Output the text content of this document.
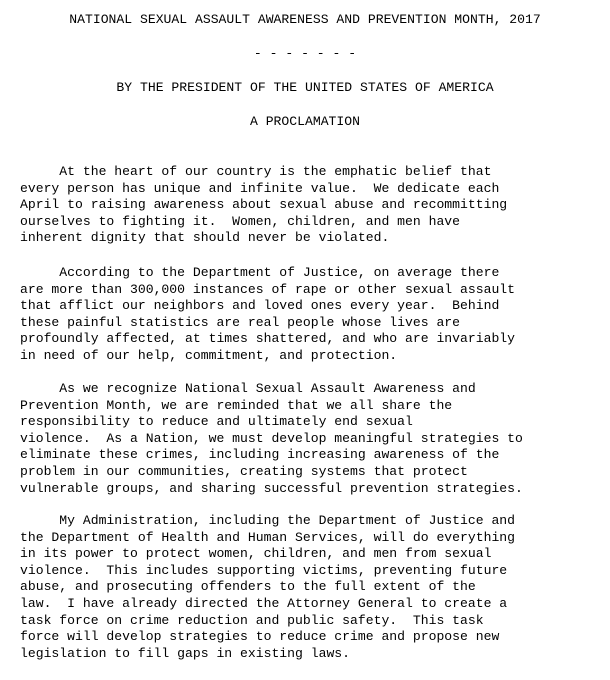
NATIONAL SEXUAL ASSAULT AWARENESS AND PREVENTION MONTH, 2017
- - - - - - -
BY THE PRESIDENT OF THE UNITED STATES OF AMERICA
A PROCLAMATION
At the heart of our country is the emphatic belief that
every person has unique and infinite value.  We dedicate each
April to raising awareness about sexual abuse and recommitting
ourselves to fighting it.  Women, children, and men have
inherent dignity that should never be violated.
According to the Department of Justice, on average there
are more than 300,000 instances of rape or other sexual assault
that afflict our neighbors and loved ones every year.  Behind
these painful statistics are real people whose lives are
profoundly affected, at times shattered, and who are invariably
in need of our help, commitment, and protection.
As we recognize National Sexual Assault Awareness and
Prevention Month, we are reminded that we all share the
responsibility to reduce and ultimately end sexual
violence.  As a Nation, we must develop meaningful strategies to
eliminate these crimes, including increasing awareness of the
problem in our communities, creating systems that protect
vulnerable groups, and sharing successful prevention strategies.
My Administration, including the Department of Justice and
the Department of Health and Human Services, will do everything
in its power to protect women, children, and men from sexual
violence.  This includes supporting victims, preventing future
abuse, and prosecuting offenders to the full extent of the
law.  I have already directed the Attorney General to create a
task force on crime reduction and public safety.  This task
force will develop strategies to reduce crime and propose new
legislation to fill gaps in existing laws.
